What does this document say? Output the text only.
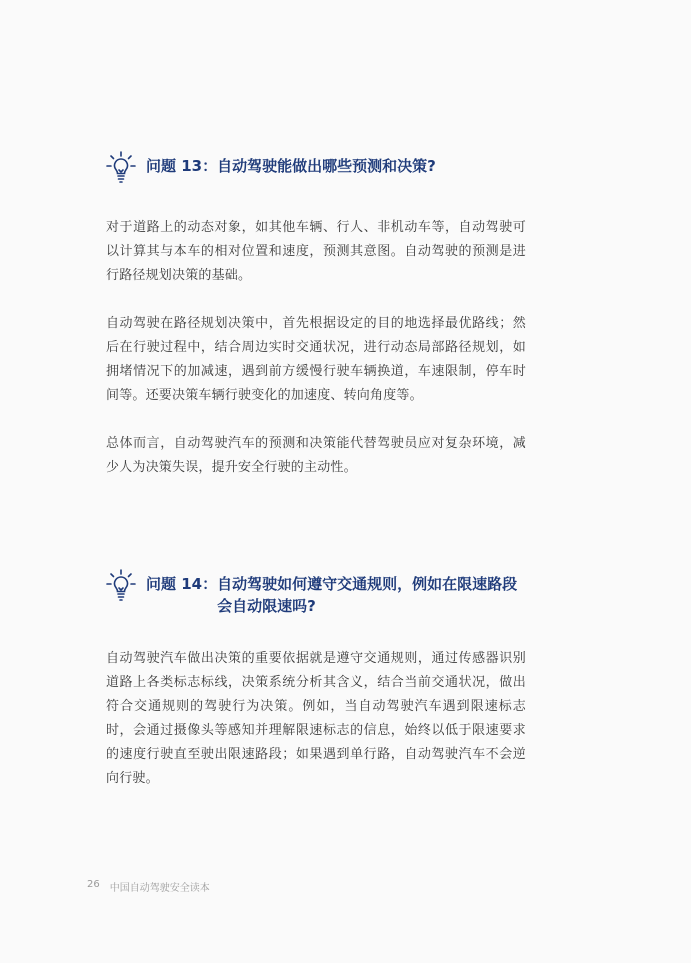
问题 13： 自动驾驶能做出哪些预测和决策?

对于道路上的动态对象，如其他车辆、行人、非机动车等，自动驾驶可以计算其与本车的相对位置和速度，预测其意图。自动驾驶的预测是进行路径规划决策的基础。

自动驾驶在路径规划决策中，首先根据设定的目的地选择最优路线；然后在行驶过程中，结合周边实时交通状况，进行动态局部路径规划，如拥堵情况下的加减速，遇到前方缓慢行驶车辆换道，车速限制，停车时间等。还要决策车辆行驶变化的加速度、转向角度等。

总体而言，自动驾驶汽车的预测和决策能代替驾驶员应对复杂环境，减少人为决策失误，提升安全行驶的主动性。

问题 14： 自动驾驶如何遵守交通规则，例如在限速路段会自动限速吗?

自动驾驶汽车做出决策的重要依据就是遵守交通规则，通过传感器识别道路上各类标志标线，决策系统分析其含义，结合当前交通状况，做出符合交通规则的驾驶行为决策。例如，当自动驾驶汽车遇到限速标志时，会通过摄像头等感知并理解限速标志的信息，始终以低于限速要求的速度行驶直至驶出限速路段；如果遇到单行路，自动驾驶汽车不会逆向行驶。

26 中国自动驾驶安全读本
